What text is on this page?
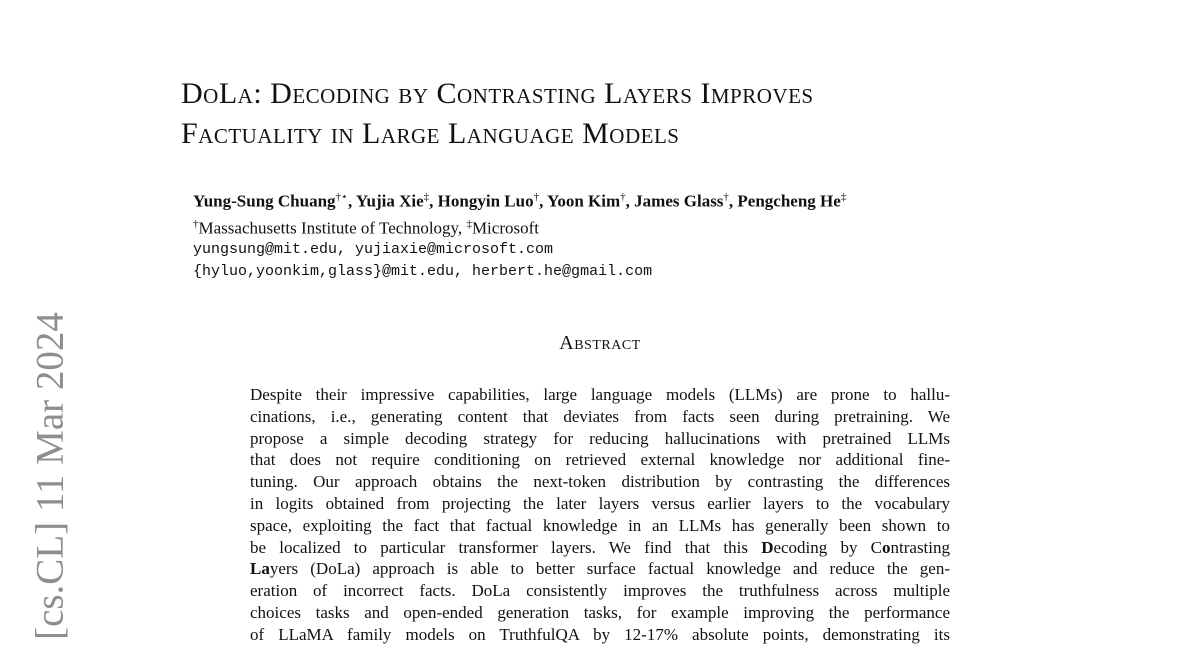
[cs.CL] 11 Mar 2024
DoLa: Decoding by Contrasting Layers Improves
Factuality in Large Language Models
Yung-Sung Chuang†⋆, Yujia Xie‡, Hongyin Luo†, Yoon Kim†, James Glass†, Pengcheng He‡
†Massachusetts Institute of Technology, ‡Microsoft
yungsung@mit.edu, yujiaxie@microsoft.com
{hyluo,yoonkim,glass}@mit.edu, herbert.he@gmail.com
Abstract
Despite their impressive capabilities, large language models (LLMs) are prone to hallu-
cinations, i.e., generating content that deviates from facts seen during pretraining. We
propose a simple decoding strategy for reducing hallucinations with pretrained LLMs
that does not require conditioning on retrieved external knowledge nor additional fine-
tuning. Our approach obtains the next-token distribution by contrasting the differences
in logits obtained from projecting the later layers versus earlier layers to the vocabulary
space, exploiting the fact that factual knowledge in an LLMs has generally been shown to
be localized to particular transformer layers. We find that this Decoding by Contrasting
Layers (DoLa) approach is able to better surface factual knowledge and reduce the gen-
eration of incorrect facts. DoLa consistently improves the truthfulness across multiple
choices tasks and open-ended generation tasks, for example improving the performance
of LLaMA family models on TruthfulQA by 12-17% absolute points, demonstrating its
